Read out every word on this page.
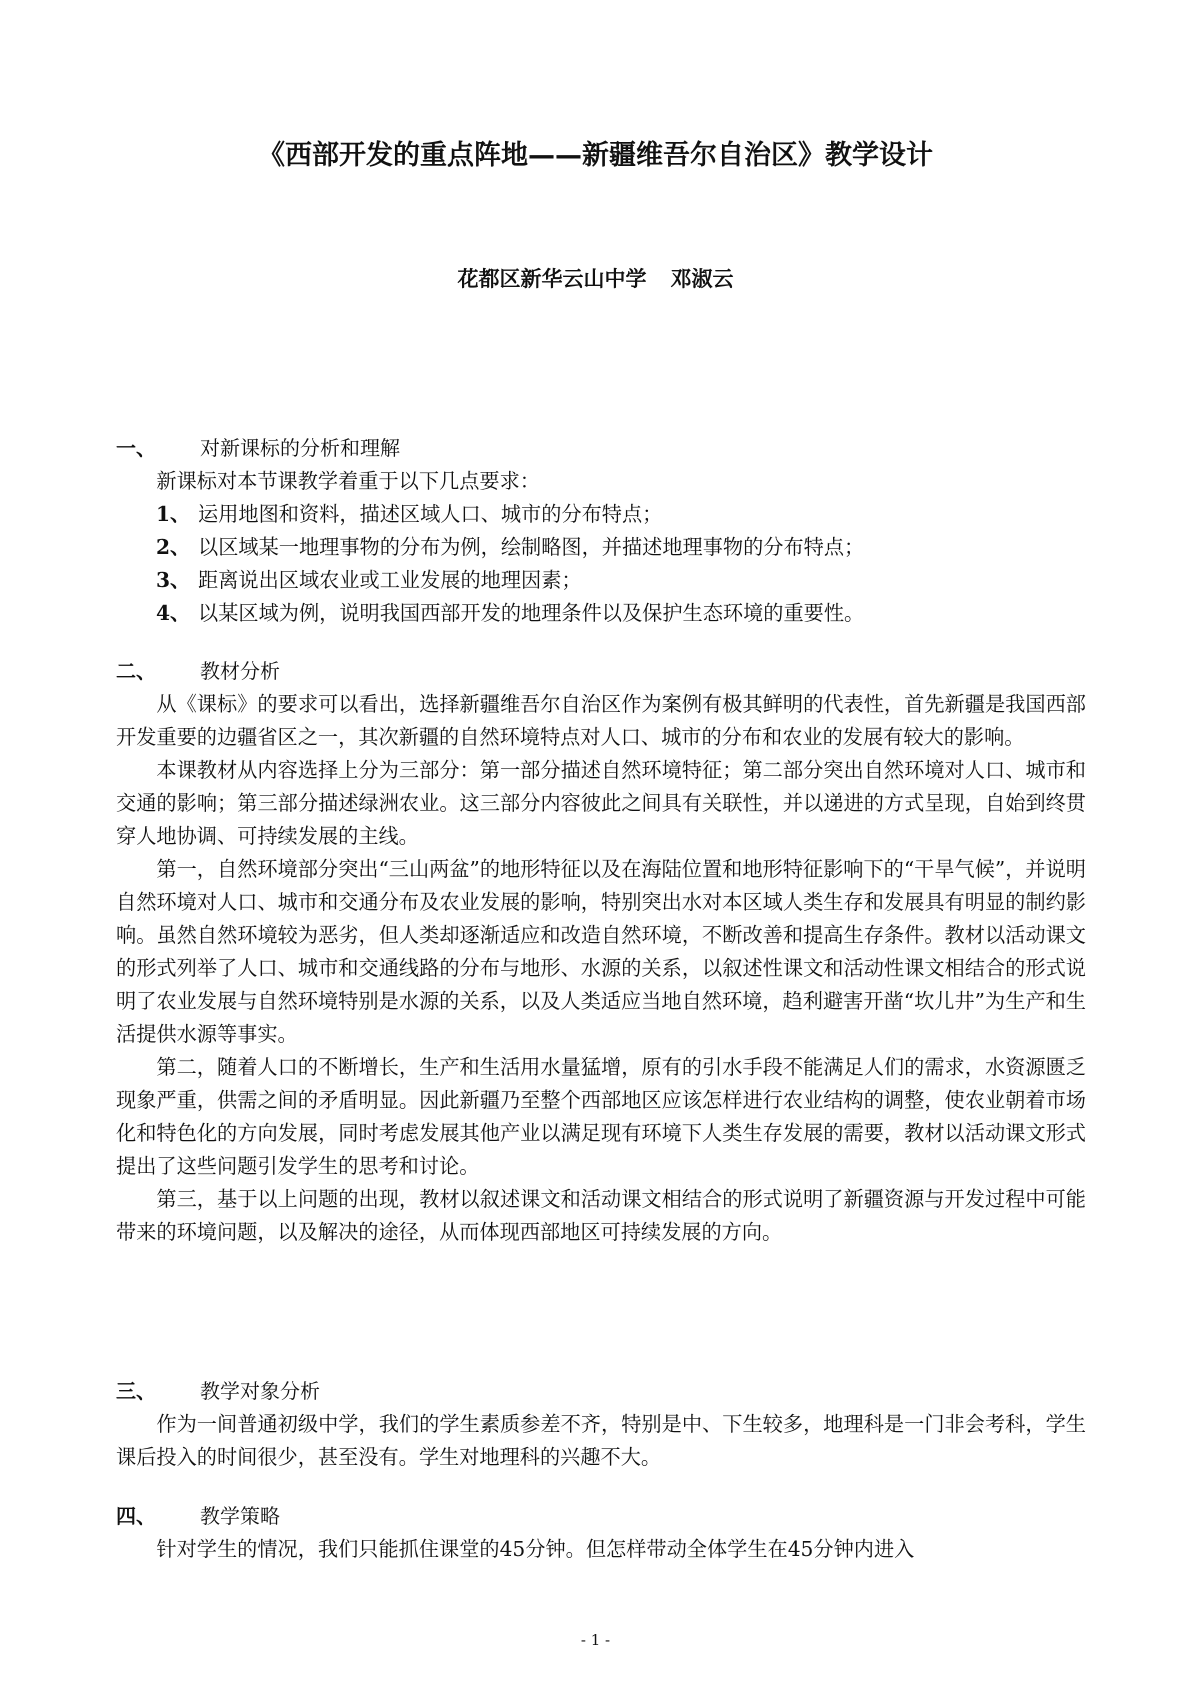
《西部开发的重点阵地——新疆维吾尔自治区》教学设计
花都区新华云山中学 邓淑云
一、 对新课标的分析和理解

新课标对本节课教学着重于以下几点要求：

1、 运用地图和资料，描述区域人口、城市的分布特点；

2、 以区域某一地理事物的分布为例，绘制略图，并描述地理事物的分布特点；

3、 距离说出区域农业或工业发展的地理因素；

4、 以某区域为例，说明我国西部开发的地理条件以及保护生态环境的重要性。

二、 教材分析

从《课标》的要求可以看出，选择新疆维吾尔自治区作为案例有极其鲜明的代表性，首先新疆是我国西部开发重要的边疆省区之一，其次新疆的自然环境特点对人口、城市的分布和农业的发展有较大的影响。

本课教材从内容选择上分为三部分：第一部分描述自然环境特征；第二部分突出自然环境对人口、城市和交通的影响；第三部分描述绿洲农业。这三部分内容彼此之间具有关联性，并以递进的方式呈现，自始到终贯穿人地协调、可持续发展的主线。

第一，自然环境部分突出“三山两盆”的地形特征以及在海陆位置和地形特征影响下的“干旱气候”，并说明自然环境对人口、城市和交通分布及农业发展的影响，特别突出水对本区域人类生存和发展具有明显的制约影响。虽然自然环境较为恶劣，但人类却逐渐适应和改造自然环境，不断改善和提高生存条件。教材以活动课文的形式列举了人口、城市和交通线路的分布与地形、水源的关系，以叙述性课文和活动性课文相结合的形式说明了农业发展与自然环境特别是水源的关系，以及人类适应当地自然环境，趋利避害开凿“坎儿井”为生产和生活提供水源等事实。

第二，随着人口的不断增长，生产和生活用水量猛增，原有的引水手段不能满足人们的需求，水资源匮乏现象严重，供需之间的矛盾明显。因此新疆乃至整个西部地区应该怎样进行农业结构的调整，使农业朝着市场化和特色化的方向发展，同时考虑发展其他产业以满足现有环境下人类生存发展的需要，教材以活动课文形式提出了这些问题引发学生的思考和讨论。

第三，基于以上问题的出现，教材以叙述课文和活动课文相结合的形式说明了新疆资源与开发过程中可能带来的环境问题，以及解决的途径，从而体现西部地区可持续发展的方向。

三、 教学对象分析

作为一间普通初级中学，我们的学生素质参差不齐，特别是中、下生较多，地理科是一门非会考科，学生课后投入的时间很少，甚至没有。学生对地理科的兴趣不大。

四、 教学策略

针对学生的情况，我们只能抓住课堂的45分钟。但怎样带动全体学生在45分钟内进入

- 1 -
